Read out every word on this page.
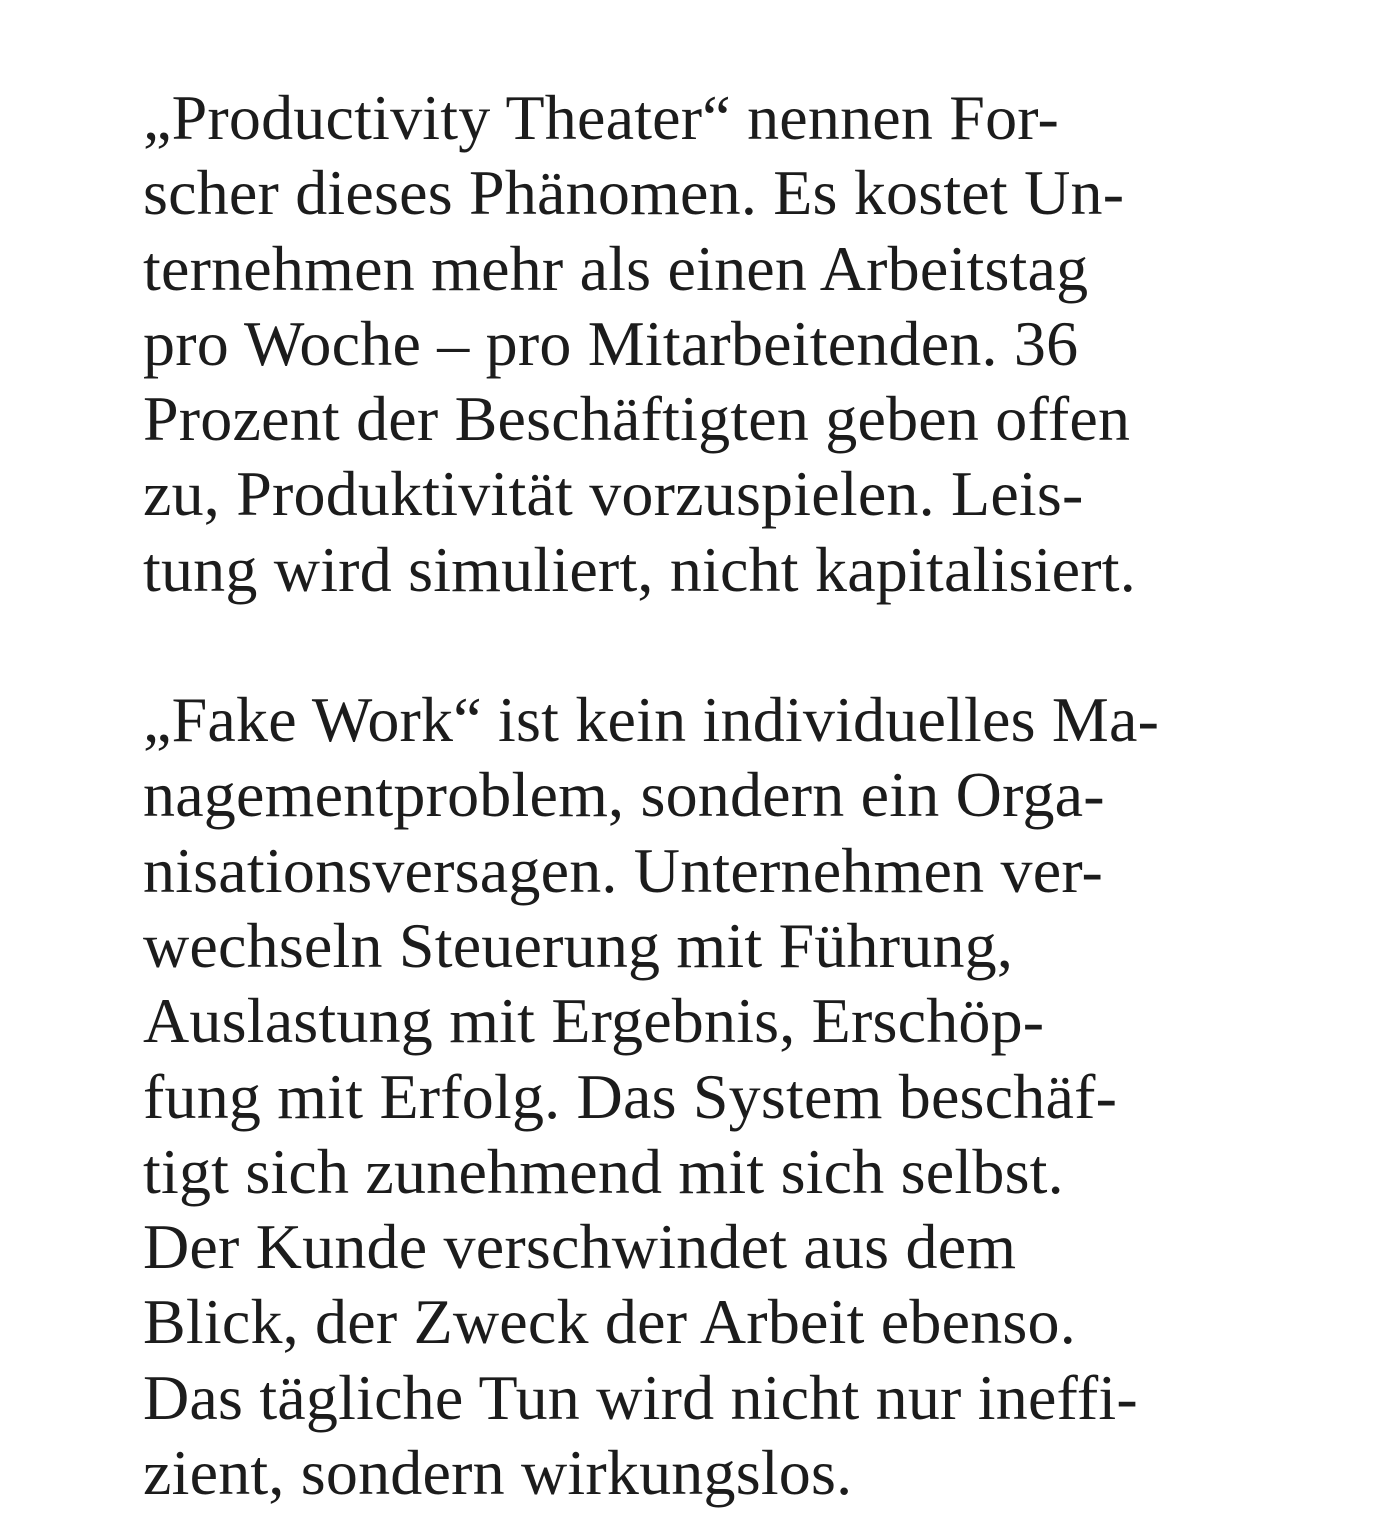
„Productivity Theater“ nennen For-
scher dieses Phänomen. Es kostet Un-
ternehmen mehr als einen Arbeitstag
pro Woche – pro Mitarbeitenden. 36
Prozent der Beschäftigten geben offen
zu, Produktivität vorzuspielen. Leis-
tung wird simuliert, nicht kapitalisiert.

„Fake Work“ ist kein individuelles Ma-
nagementproblem, sondern ein Orga-
nisationsversagen. Unternehmen ver-
wechseln Steuerung mit Führung,
Auslastung mit Ergebnis, Erschöp-
fung mit Erfolg. Das System beschäf-
tigt sich zunehmend mit sich selbst.
Der Kunde verschwindet aus dem
Blick, der Zweck der Arbeit ebenso.
Das tägliche Tun wird nicht nur ineffi-
zient, sondern wirkungslos.
